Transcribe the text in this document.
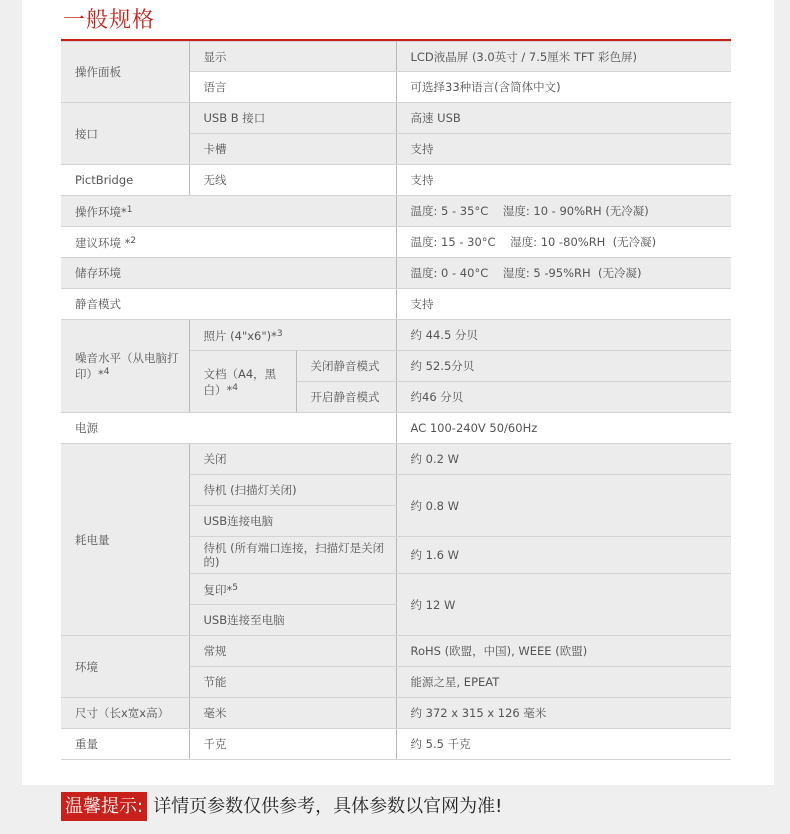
一般规格
操作面板	显示		LCD液晶屏 (3.0英寸 / 7.5厘米 TFT 彩色屏)
	语言		可选择33种语言(含简体中文)
接口	USB B 接口		高速 USB
	卡槽		支持
PictBridge	无线		支持
操作环境*$^1$			温度: 5 - 35°C    湿度: 10 - 90%RH (无冷凝)
建议环境 *$^2$			温度: 15 - 30°C    湿度: 10 -80%RH  (无冷凝)
储存环境			温度: 0 - 40°C    湿度: 5 -95%RH  (无冷凝)
静音模式			支持
噪音水平（从电脑打印）*$^4$	照片 (4"x6")*$^3$		约 44.5 分贝
	文档（A4，黑白）*$^4$	关闭静音模式	约 52.5分贝
		开启静音模式	约46 分贝
电源			AC 100-240V 50/60Hz
耗电量	关闭		约 0.2 W
	待机 (扫描灯关闭)		约 0.8 W
	USB连接电脑		
	待机 (所有端口连接，扫描灯是关闭的)		约 1.6 W
	复印*$^5$		约 12 W
	USB连接至电脑		
环境	常规		RoHS (欧盟，中国), WEEE (欧盟)
	节能		能源之星, EPEAT
尺寸（长x宽x高）	毫米		约 372 x 315 x 126 毫米
重量	千克		约 5.5 千克
温馨提示: 详情页参数仅供参考，具体参数以官网为准!
